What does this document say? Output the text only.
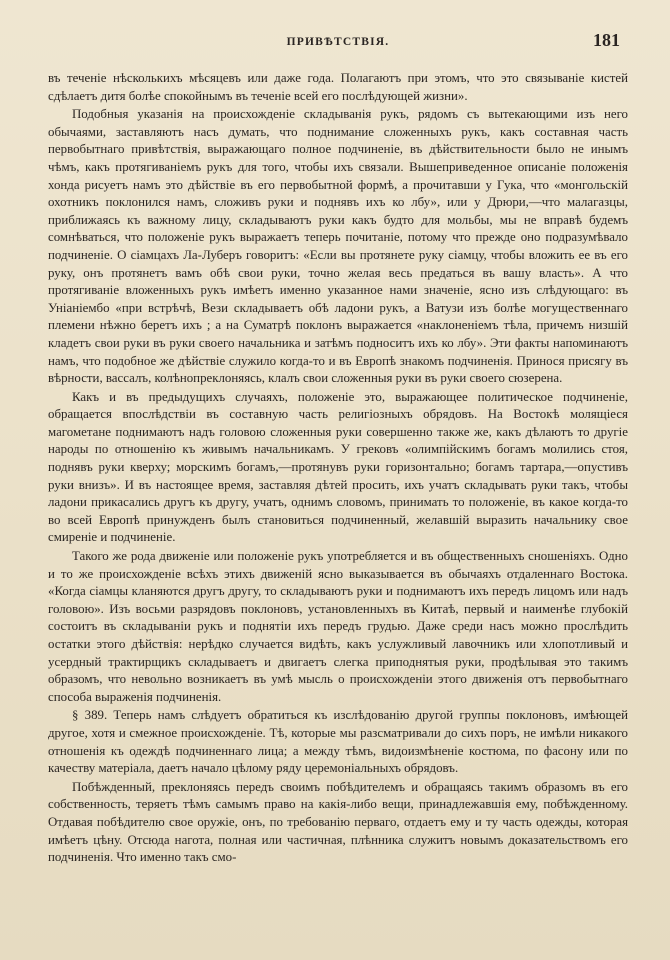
ПРИВѢТСТВІЯ.	181

въ теченіе нѣсколькихъ мѣсяцевъ или даже года. Полагаютъ при этомъ, что это связываніе кистей сдѣлаетъ дитя болѣе спокойнымъ въ теченіе всей его послѣдующей жизни».

Подобныя указанія на происхожденіе складыванія рукъ, рядомъ съ вытекающими изъ него обычаями, заставляютъ насъ думать, что поднимание сложенныхъ рукъ, какъ составная часть первобытнаго привѣтствія, выражающаго полное подчиненіе, въ дѣйствительности было не инымъ чѣмъ, какъ протягиваніемъ рукъ для того, чтобы ихъ связали. Вышеприведенное описаніе положенія хонда рисуетъ намъ это дѣйствіе въ его первобытной формѣ, а прочитавши у Гука, что «монгольскій охотникъ поклонился намъ, сложивъ руки и поднявъ ихъ ко лбу», или у Дрюри,—что малагазцы, приближаясь къ важному лицу, складываютъ руки какъ будто для мольбы, мы не вправѣ будемъ сомнѣваться, что положеніе рукъ выражаетъ теперь почитаніе, потому что прежде оно подразумѣвало подчиненіе. О сіамцахъ Ла-Луберъ говоритъ: «Если вы протянете руку сіамцу, чтобы вложить ее въ его руку, онъ протянетъ вамъ обѣ свои руки, точно желая весь предаться въ вашу власть». А что протягиваніе вложенныхъ рукъ имѣетъ именно указанное нами значеніе, ясно изъ слѣдующаго: въ Уніаніембо «при встрѣчѣ, Вези складываетъ обѣ ладони рукъ, а Ватузи изъ болѣе могущественнаго племени нѣжно беретъ ихъ ; а на Суматрѣ поклонъ выражается «наклоненіемъ тѣла, причемъ низшій кладетъ свои руки въ руки своего начальника и затѣмъ подноситъ ихъ ко лбу». Эти факты напоминаютъ намъ, что подобное же дѣйствіе служило когда-то и въ Европѣ знакомъ подчиненія. Принося присягу въ вѣрности, вассалъ, колѣнопреклоняясь, клалъ свои сложенныя руки въ руки своего сюзерена.

Какъ и въ предыдущихъ случаяхъ, положеніе это, выражающее политическое подчиненіе, обращается впослѣдствіи въ составную часть религіозныхъ обрядовъ. На Востокѣ молящіеся магометане поднимаютъ надъ головою сложенныя руки совершенно также же, какъ дѣлаютъ то другіе народы по отношенію къ живымъ начальникамъ. У грековъ «олимпійскимъ богамъ молились стоя, поднявъ руки кверху; морскимъ богамъ,—протянувъ руки горизонтально; богамъ тартара,—опустивъ руки внизъ». И въ настоящее время, заставляя дѣтей просить, ихъ учатъ складывать руки такъ, чтобы ладони прикасались другъ къ другу, учатъ, однимъ словомъ, принимать то положеніе, въ какое когда-то во всей Европѣ принужденъ былъ становиться подчиненный, желавшій выразить начальнику свое смиреніе и подчиненіе.

Такого же рода движеніе или положеніе рукъ употребляется и въ общественныхъ сношеніяхъ. Одно и то же происхожденіе всѣхъ этихъ движеній ясно выказывается въ обычаяхъ отдаленнаго Востока. «Когда сіамцы кланяются другъ другу, то складываютъ руки и поднимаютъ ихъ передъ лицомъ или надъ головою». Изъ восьми разрядовъ поклоновъ, установленныхъ въ Китаѣ, первый и наименѣе глубокій состоитъ въ складываніи рукъ и поднятіи ихъ передъ грудью. Даже среди насъ можно прослѣдить остатки этого дѣйствія: нерѣдко случается видѣть, какъ услужливый лавочникъ или хлопотливый и усердный трактирщикъ складываетъ и двигаетъ слегка приподнятыя руки, продѣлывая это такимъ образомъ, что невольно возникаетъ въ умѣ мысль о происхожденіи этого движенія отъ первобытнаго способа выраженія подчиненія.

§ 389. Теперь намъ слѣдуетъ обратиться къ изслѣдованію другой группы поклоновъ, имѣющей другое, хотя и смежное происхожденіе. Тѣ, которые мы разсматривали до сихъ поръ, не имѣли никакого отношенія къ одеждѣ подчиненнаго лица; а между тѣмъ, видоизмѣненіе костюма, по фасону или по качеству матеріала, даетъ начало цѣлому ряду церемоніальныхъ обрядовъ.

Побѣжденный, преклоняясь передъ своимъ побѣдителемъ и обращаясь такимъ образомъ въ его собственность, теряетъ тѣмъ самымъ право на какія-либо вещи, принадлежавшія ему, побѣжденному. Отдавая побѣдителю свое оружіе, онъ, по требованію перваго, отдаетъ ему и ту часть одежды, которая имѣетъ цѣну. Отсюда нагота, полная или частичная, плѣнника служитъ новымъ доказательствомъ его подчиненія. Что именно такъ смо-
